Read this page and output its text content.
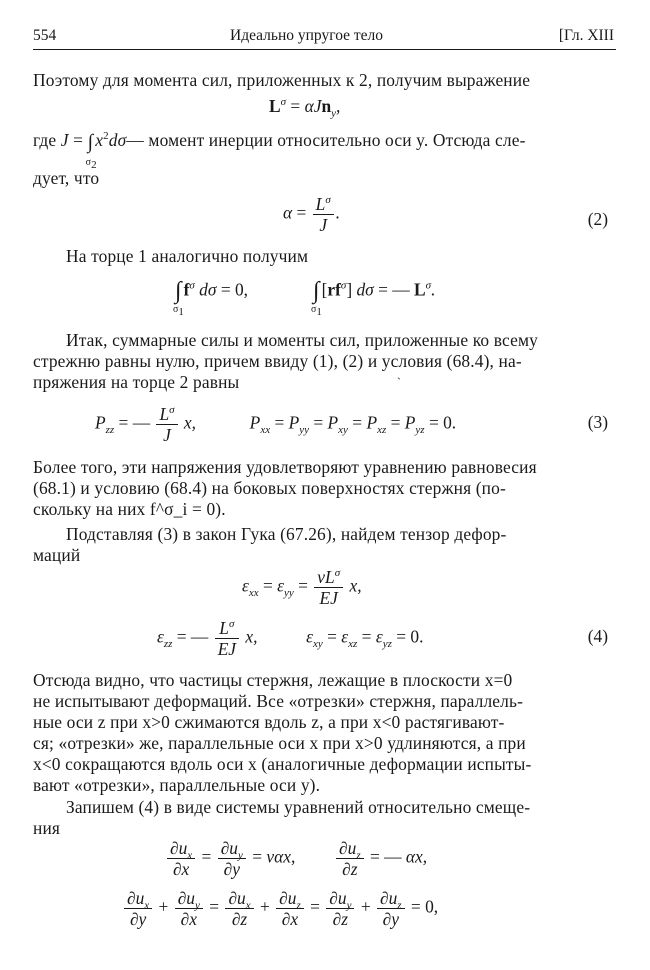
554	Идеально упругое тело	[Гл. XIII
Поэтому для момента сил, приложенных к 2, получим выражение
$L^\sigma = \alpha Jn_y$,
где J = ∫
$\sigma_2$
$x^2d\sigma—$ момент инерции относительно оси y. Отсюда сле-
дует, что
$\alpha = \frac{L^\sigma}{J}$ .	(2)
На торце 1 аналогично получим
∫
$\sigma_1$
$f^\sigma$ dσ = 0,	∫
$\sigma_1$
$[rf^\sigma] d\sigma$ = — $L^\sigma$.
Итак, суммарные силы и моменты сил, приложенные ко всему
стрежню равны нулю, причем ввиду (1), (2) и условия (68.4), на-
пряжения на торце 2 равны	`
$P_{zz}$ = — $\frac{L^\sigma}{J} x$,	$P_{xx} = P_{yy} = P_{xy} = P_{xz} = P_{yz} = 0$.	(3)
Более того, эти напряжения удовлетворяют уравнению равновесия
(68.1) и условию (68.4) на боковых поверхностях стержня (по-
скольку на них f^σ_i = 0).
Подставляя (3) в закон Гука (67.26), найдем тензор дефор-
маций
$\varepsilon_{xx} = \varepsilon_{yy} = \frac{\nu L^\sigma}{EJ} x$,
$\varepsilon_{zz}$ = — $\frac{L^\sigma}{EJ} x$,  $\varepsilon_{xy} = \varepsilon_{xz} = \varepsilon_{yz} = 0$.	(4)
Отсюда видно, что частицы стержня, лежащие в плоскости x=0
не испытывают деформаций. Все «отрезки» стержня, параллель-
ные оси z при x>0 сжимаются вдоль z, а при x<0 растягивают-
ся; «отрезки» же, параллельные оси x при x>0 удлиняются, а при
x<0 сокращаются вдоль оси x (аналогичные деформации испыты-
вают «отрезки», параллельные оси y).
Запишем (4) в виде системы уравнений относительно смеще-
ния
$\frac{\partial u_x}{\partial x} = \frac{\partial u_y}{\partial y} = \nu\alpha x$, $\frac{\partial u_z}{\partial z}$ = — αx,
$\frac{\partial u_x}{\partial y} + \frac{\partial u_y}{\partial x} = \frac{\partial u_x}{\partial z} + \frac{\partial u_z}{\partial x} = \frac{\partial u_y}{\partial z} + \frac{\partial u_z}{\partial y} = 0$,
